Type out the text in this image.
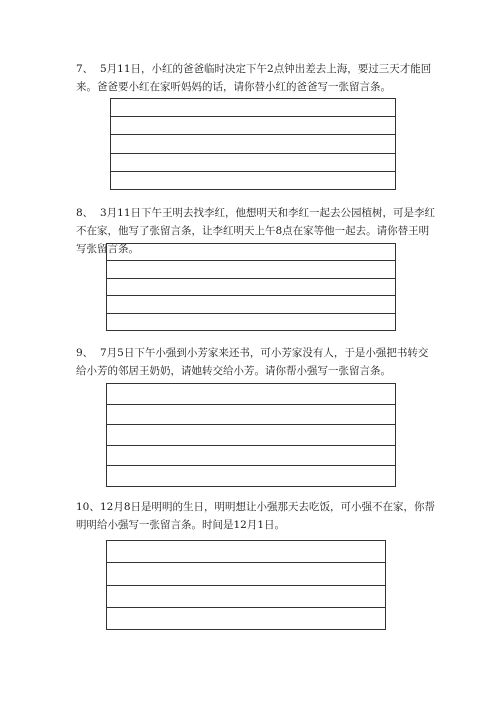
7、 5月11日，小红的爸爸临时决定下午2点钟出差去上海，要过三天才能回来。爸爸要小红在家听妈妈的话，请你替小红的爸爸写一张留言条。
8、 3月11日下午王明去找李红，他想明天和李红一起去公园植树，可是李红不在家，他写了张留言条，让李红明天上午8点在家等他一起去。请你替王明写张留言条。
9、 7月5日下午小强到小芳家来还书，可小芳家没有人，于是小强把书转交给小芳的邻居王奶奶，请她转交给小芳。请你帮小强写一张留言条。
10、12月8日是明明的生日，明明想让小强那天去吃饭，可小强不在家，你帮明明给小强写一张留言条。时间是12月1日。
